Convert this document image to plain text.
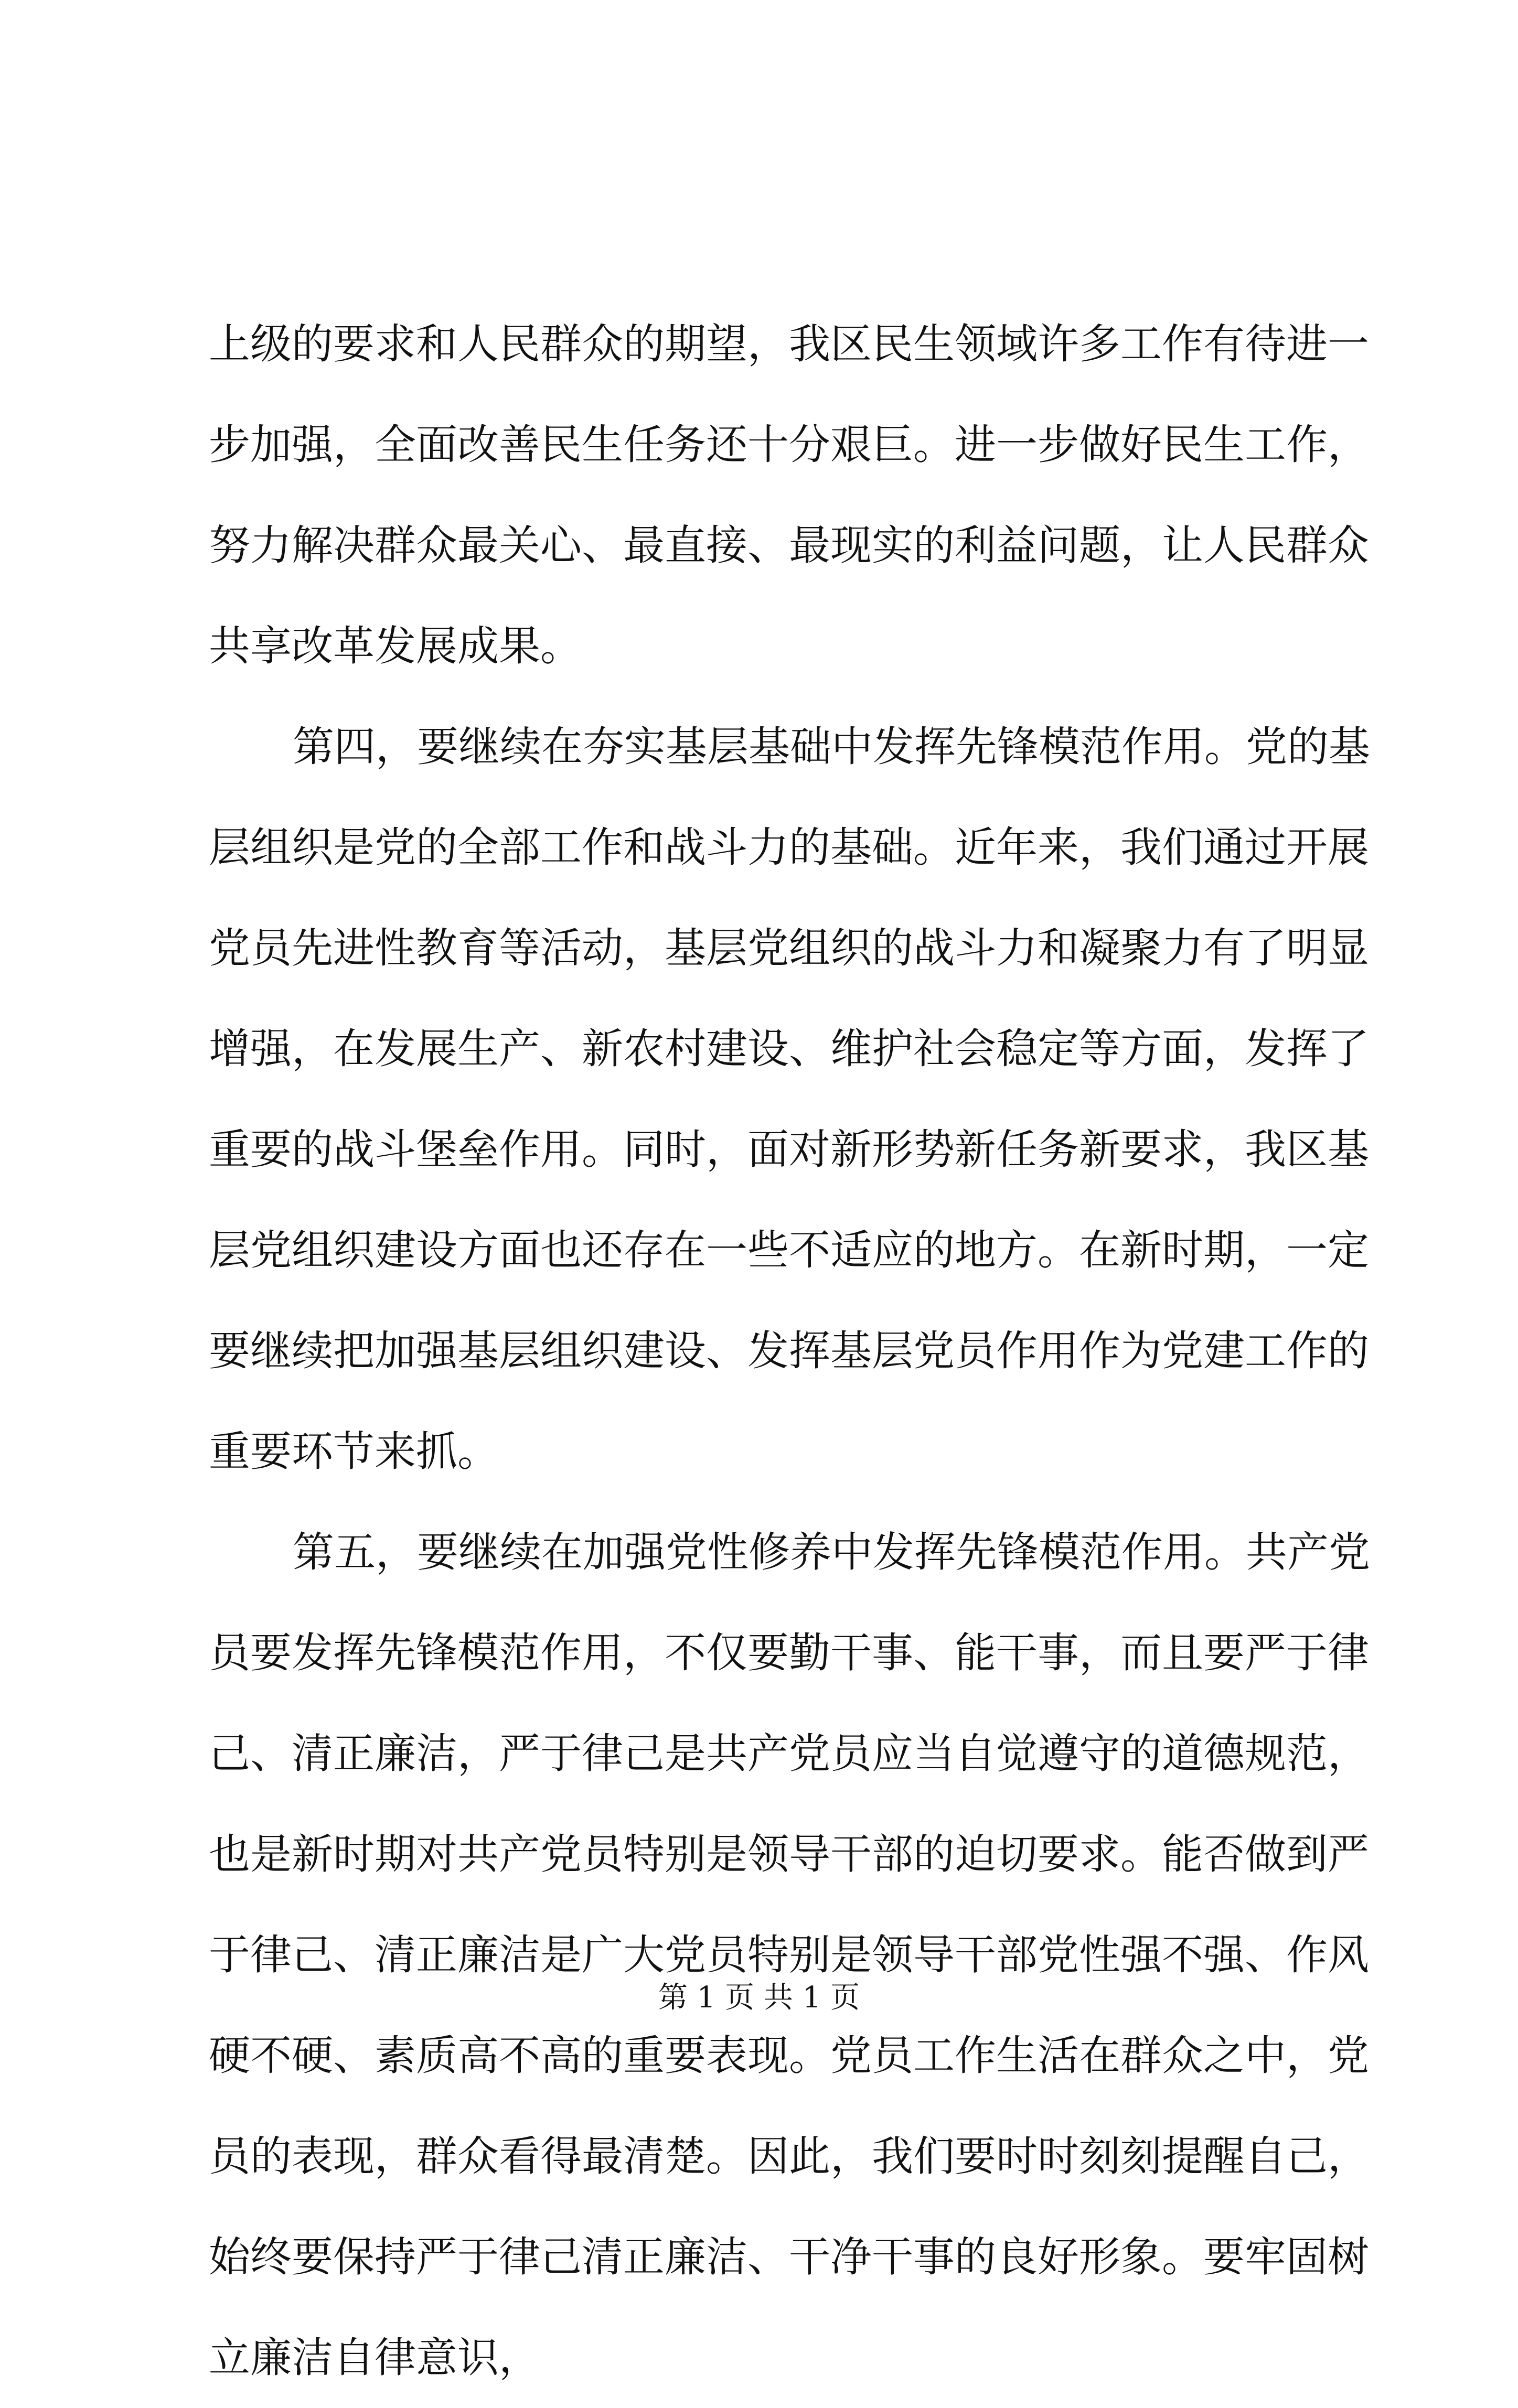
上级的要求和人民群众的期望，我区民生领域许多工作有待进一
步加强，全面改善民生任务还十分艰巨。进一步做好民生工作，
努力解决群众最关心、最直接、最现实的利益问题，让人民群众
共享改革发展成果。
第四，要继续在夯实基层基础中发挥先锋模范作用。党的基
层组织是党的全部工作和战斗力的基础。近年来，我们通过开展
党员先进性教育等活动，基层党组织的战斗力和凝聚力有了明显
增强，在发展生产、新农村建设、维护社会稳定等方面，发挥了
重要的战斗堡垒作用。同时，面对新形势新任务新要求，我区基
层党组织建设方面也还存在一些不适应的地方。在新时期，一定
要继续把加强基层组织建设、发挥基层党员作用作为党建工作的
重要环节来抓。
第五，要继续在加强党性修养中发挥先锋模范作用。共产党
员要发挥先锋模范作用，不仅要勤干事、能干事，而且要严于律
己、清正廉洁，严于律己是共产党员应当自觉遵守的道德规范，
也是新时期对共产党员特别是领导干部的迫切要求。能否做到严
于律己、清正廉洁是广大党员特别是领导干部党性强不强、作风
硬不硬、素质高不高的重要表现。党员工作生活在群众之中，党
员的表现，群众看得最清楚。因此，我们要时时刻刻提醒自己，
始终要保持严于律己清正廉洁、干净干事的良好形象。要牢固树
立廉洁自律意识，
第 1 页 共 1 页
